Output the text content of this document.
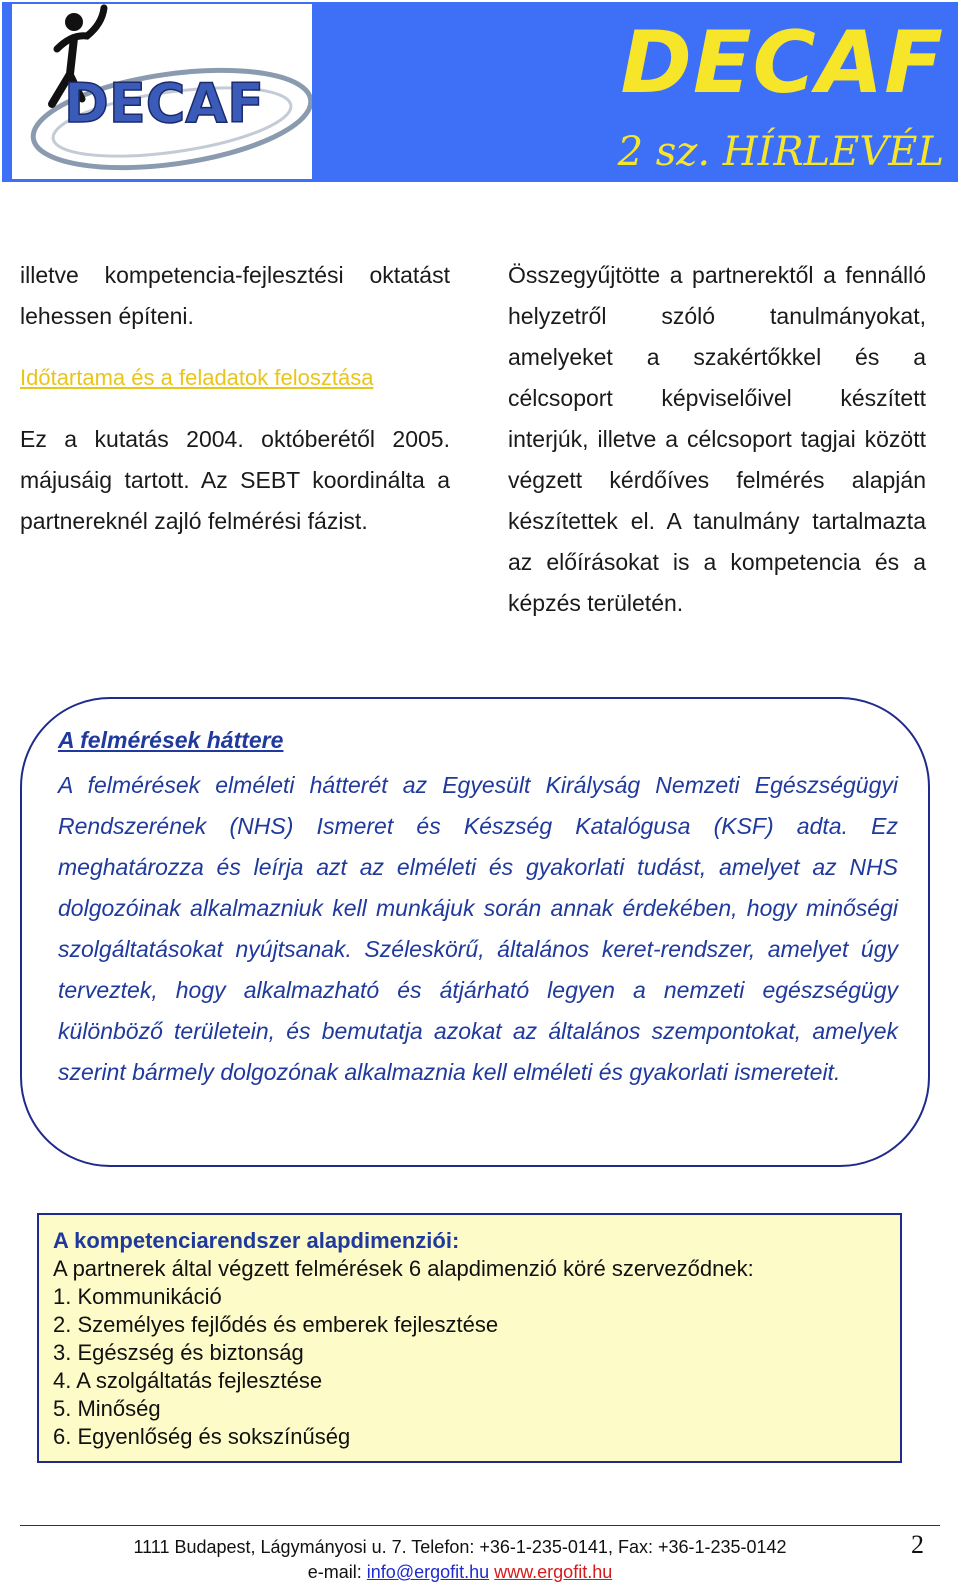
DECAF	DECAF
2 sz. HÍRLEVÉL

illetve kompetencia-fejlesztési oktatást lehessen építeni.

Időtartama és a feladatok felosztása

Ez a kutatás 2004. októberétől 2005. májusáig tartott. Az SEBT koordinálta a partnereknél zajló felmérési fázist.

Összegyűjtötte a partnerektől a fennálló helyzetről szóló tanulmányokat, amelyeket a szakértőkkel és a célcsoport képviselőivel készített interjúk, illetve a célcsoport tagjai között végzett kérdőíves felmérés alapján készítettek el. A tanulmány tartalmazta az előírásokat is a kompetencia és a képzés területén.

A felmérések háttere

A felmérések elméleti hátterét az Egyesült Királyság Nemzeti Egészségügyi Rendszerének (NHS) Ismeret és Készség Katalógusa (KSF) adta. Ez meghatározza és leírja azt az elméleti és gyakorlati tudást, amelyet az NHS dolgozóinak alkalmazniuk kell munkájuk során annak érdekében, hogy minőségi szolgáltatásokat nyújtsanak. Széleskörű, általános keret-rendszer, amelyet úgy terveztek, hogy alkalmazható és átjárható legyen a nemzeti egészségügy különböző területein, és bemutatja azokat az általános szempontokat, amelyek szerint bármely dolgozónak alkalmaznia kell elméleti és gyakorlati ismereteit.

A kompetenciarendszer alapdimenziói:
A partnerek által végzett felmérések 6 alapdimenzió köré szerveződnek:
1. Kommunikáció
2. Személyes fejlődés és emberek fejlesztése
3. Egészség és biztonság
4. A szolgáltatás fejlesztése
5. Minőség
6. Egyenlőség és sokszínűség
1111 Budapest, Lágymányosi u. 7. Telefon: +36-1-235-0141, Fax: +36-1-235-0142
e-mail: info@ergofit.hu www.ergofit.hu
2
